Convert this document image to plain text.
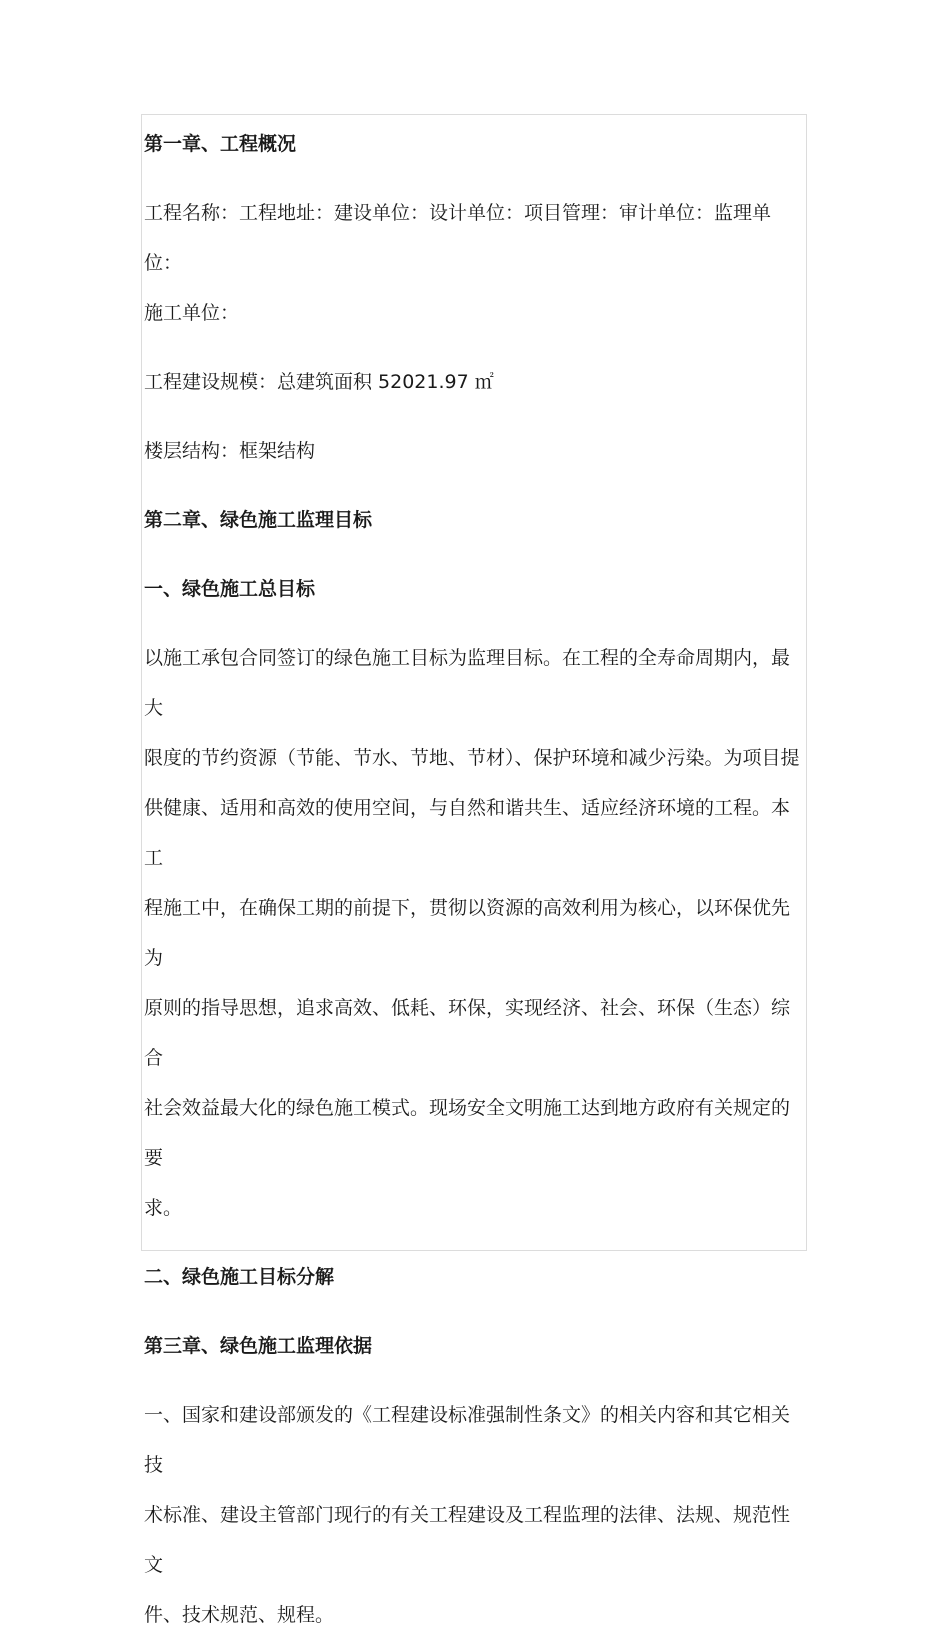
第一章、工程概况

工程名称：工程地址：建设单位：设计单位：项目管理：审计单位：监理单位：

施工单位：

工程建设规模：总建筑面积 52021.97 ㎡

楼层结构：框架结构

第二章、绿色施工监理目标

一、绿色施工总目标

以施工承包合同签订的绿色施工目标为监理目标。在工程的全寿命周期内，最大

限度的节约资源（节能、节水、节地、节材）、保护环境和减少污染。为项目提

供健康、适用和高效的使用空间，与自然和谐共生、适应经济环境的工程。本工

程施工中，在确保工期的前提下，贯彻以资源的高效利用为核心，以环保优先为

原则的指导思想，追求高效、低耗、环保，实现经济、社会、环保（生态）综合

社会效益最大化的绿色施工模式。现场安全文明施工达到地方政府有关规定的要

求。

二、绿色施工目标分解

第三章、绿色施工监理依据

一、国家和建设部颁发的《工程建设标准强制性条文》的相关内容和其它相关技

术标准、建设主管部门现行的有关工程建设及工程监理的法律、法规、规范性文

件、技术规范、规程。
